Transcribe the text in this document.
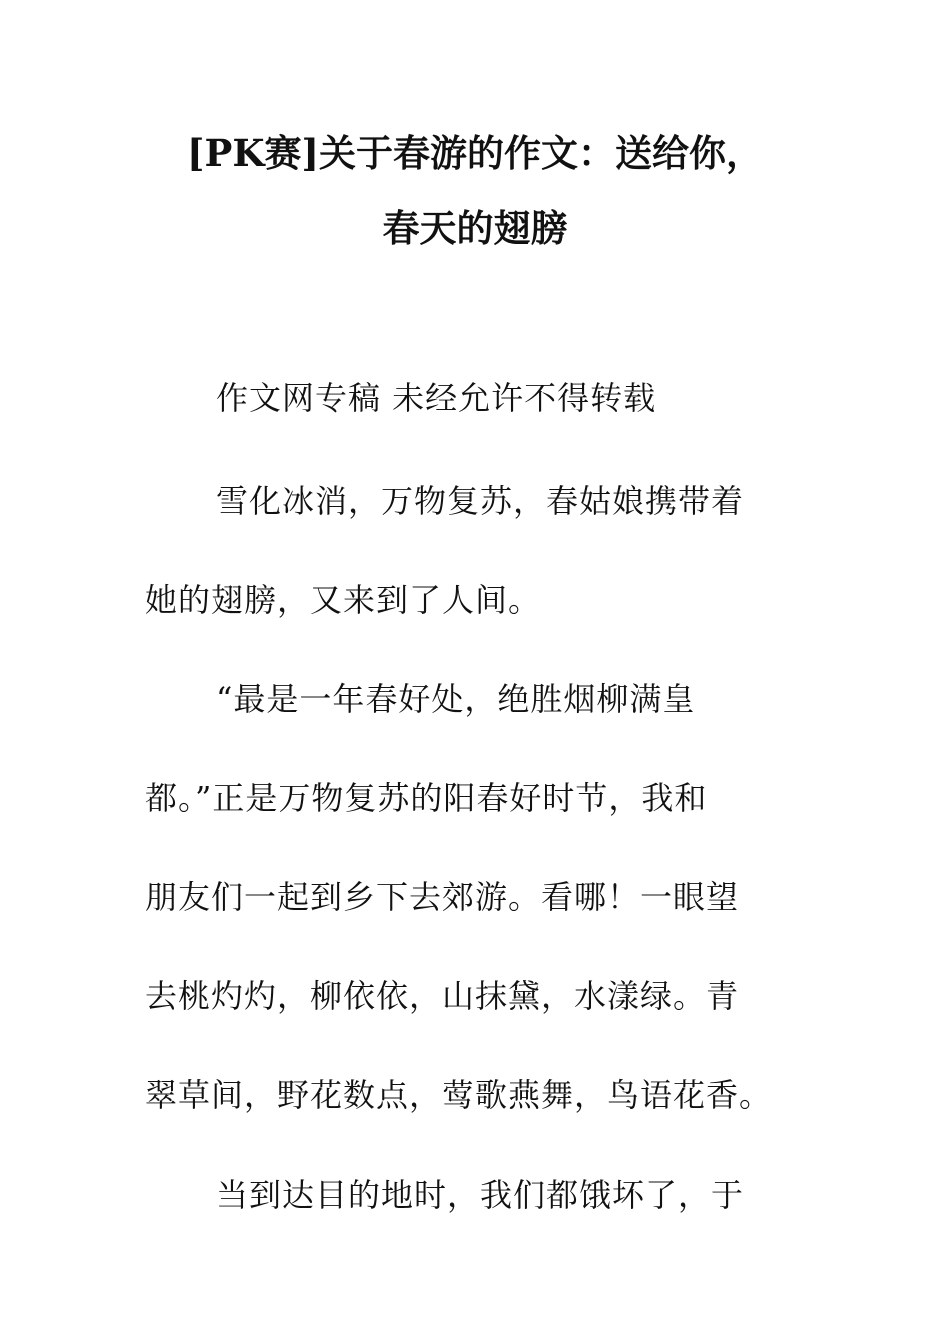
[PK赛]关于春游的作文：送给你，
春天的翅膀
作文网专稿 未经允许不得转载
雪化冰消，万物复苏，春姑娘携带着
她的翅膀，又来到了人间。
“最是一年春好处，绝胜烟柳满皇
都。”正是万物复苏的阳春好时节，我和
朋友们一起到乡下去郊游。看哪！一眼望
去桃灼灼，柳依依，山抹黛，水漾绿。青
翠草间，野花数点，莺歌燕舞，鸟语花香。
当到达目的地时，我们都饿坏了，于
